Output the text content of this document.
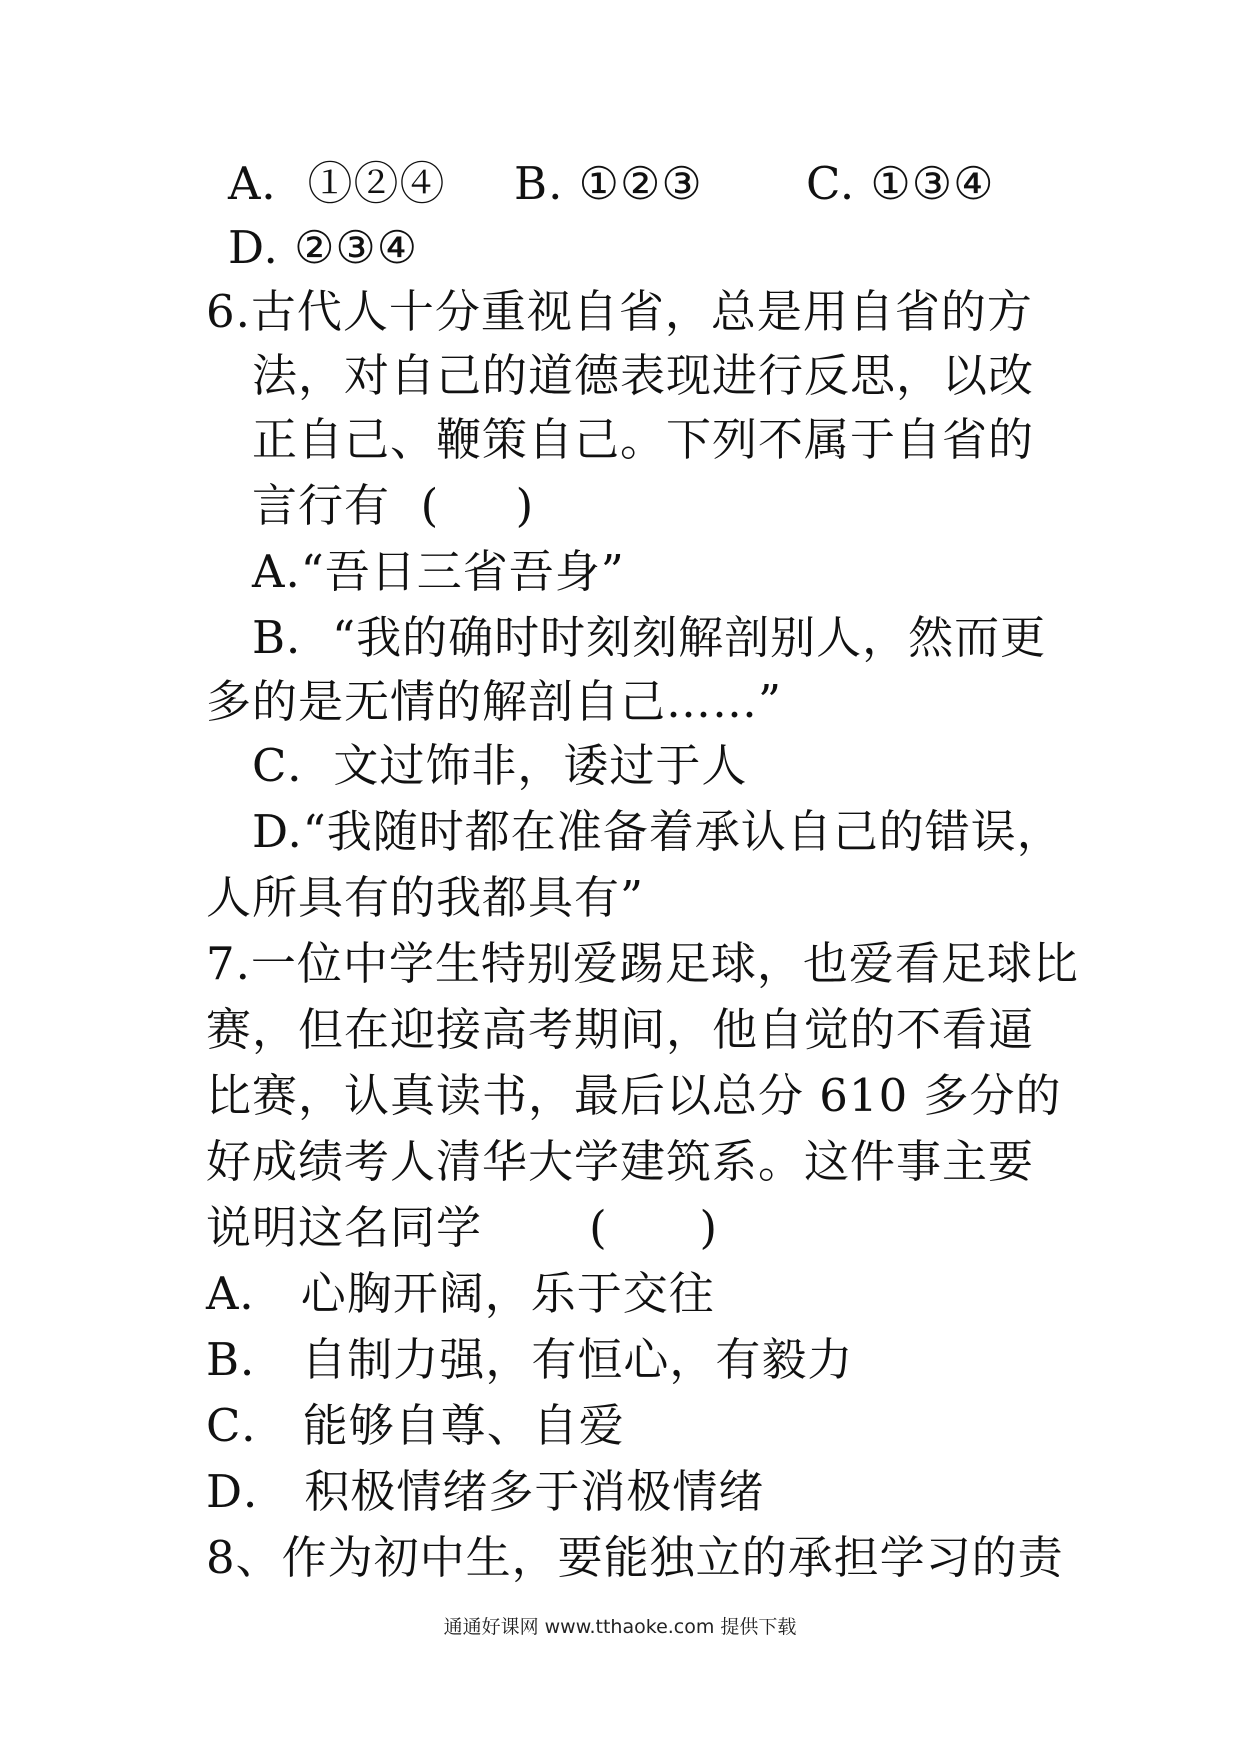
A．①②④

B. ①②③

C. ①③④

D. ②③④
6.古代人十分重视自省，总是用自省的方
法，对自己的道德表现进行反思，以改
正自己、鞭策自己。下列不属于自省的
言行有  (     )
A.“吾日三省吾身”
B．“我的确时时刻刻解剖别人，然而更
多的是无情的解剖自己……”
C．文过饰非，诿过于人
D.“我随时都在准备着承认自己的错误，
人所具有的我都具有”
7.一位中学生特别爱踢足球，也爱看足球比
赛，但在迎接高考期间，他自觉的不看逼
比赛，认真读书，最后以总分 610 多分的
好成绩考人清华大学建筑系。这件事主要
说明这名同学       (      )
A． 心胸开阔，乐于交往
B． 自制力强，有恒心，有毅力
C． 能够自尊、自爱
D． 积极情绪多于消极情绪
8、作为初中生，要能独立的承担学习的责
通通好课网 www.tthaoke.com 提供下载
